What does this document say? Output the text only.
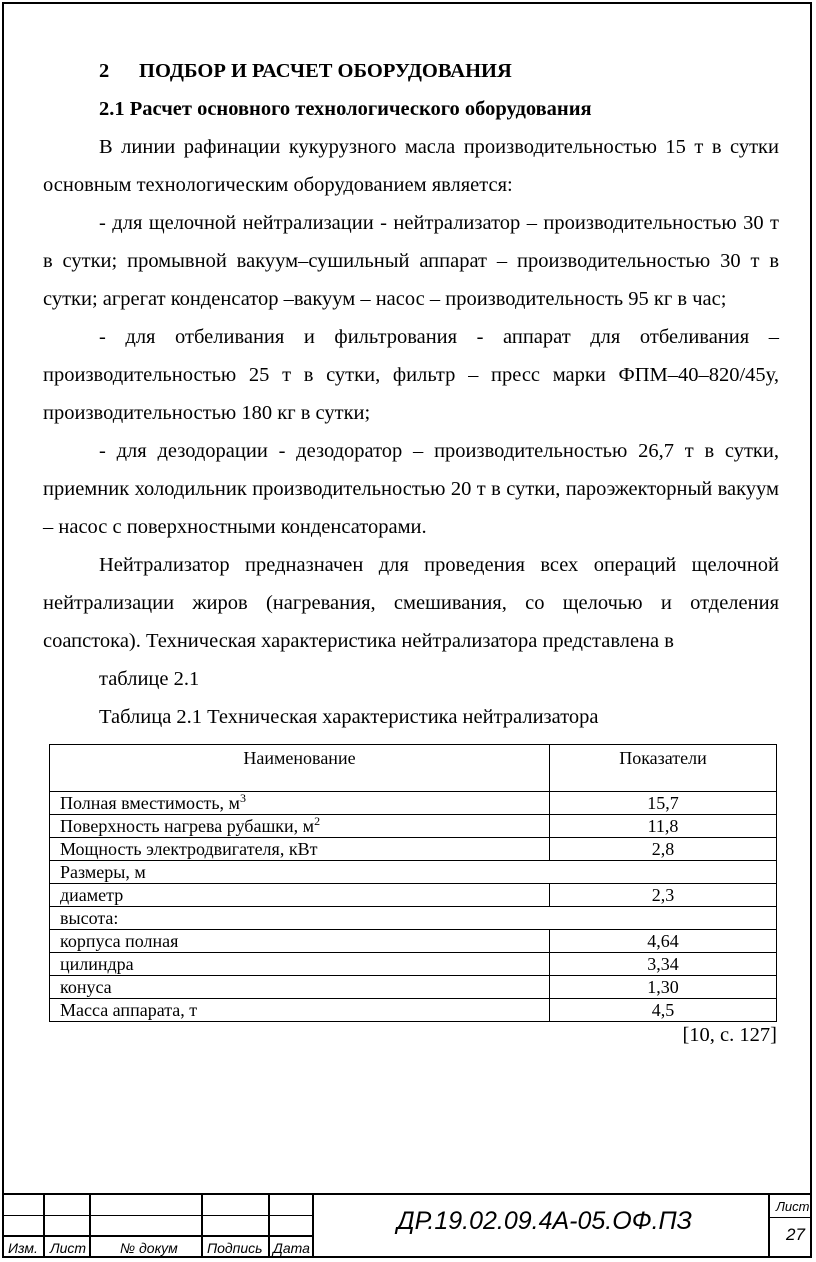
2 ПОДБОР И РАСЧЕТ ОБОРУДОВАНИЯ
2.1 Расчет основного технологического оборудования

В линии рафинации кукурузного масла производительностью 15 т в сутки основным технологическим оборудованием является:

- для щелочной нейтрализации - нейтрализатор – производительностью 30 т в сутки; промывной вакуум–сушильный аппарат – производительностью 30 т в сутки; агрегат конденсатор –вакуум – насос – производительность 95 кг в час;

- для отбеливания и фильтрования - аппарат для отбеливания – производительностью 25 т в сутки, фильтр – пресс марки ФПМ–40–820/45у, производительностью 180 кг в сутки;

- для дезодорации - дезодоратор – производительностью 26,7 т в сутки, приемник холодильник производительностью 20 т в сутки, пароэжекторный вакуум – насос с поверхностными конденсаторами.

Нейтрализатор предназначен для проведения всех операций щелочной нейтрализации жиров (нагревания, смешивания, со щелочью и отделения соапстока). Техническая характеристика нейтрализатора представлена в

таблице 2.1

Таблица 2.1 Техническая характеристика нейтрализатора
Наименование	Показатели
Полная вместимость, $м^3$	15,7
Поверхность нагрева рубашки, $м^2$	11,8
Мощность электродвигателя, кВт	2,8
Размеры, м	
диаметр	2,3
высота:	
корпуса полная	4,64
цилиндра	3,34
конуса	1,30
Масса аппарата, т	4,5
[10, с. 127]
Изм. Лист № докум Подпись Дата
ДР.19.02.09.4А-05.ОФ.ПЗ
Лист
27
